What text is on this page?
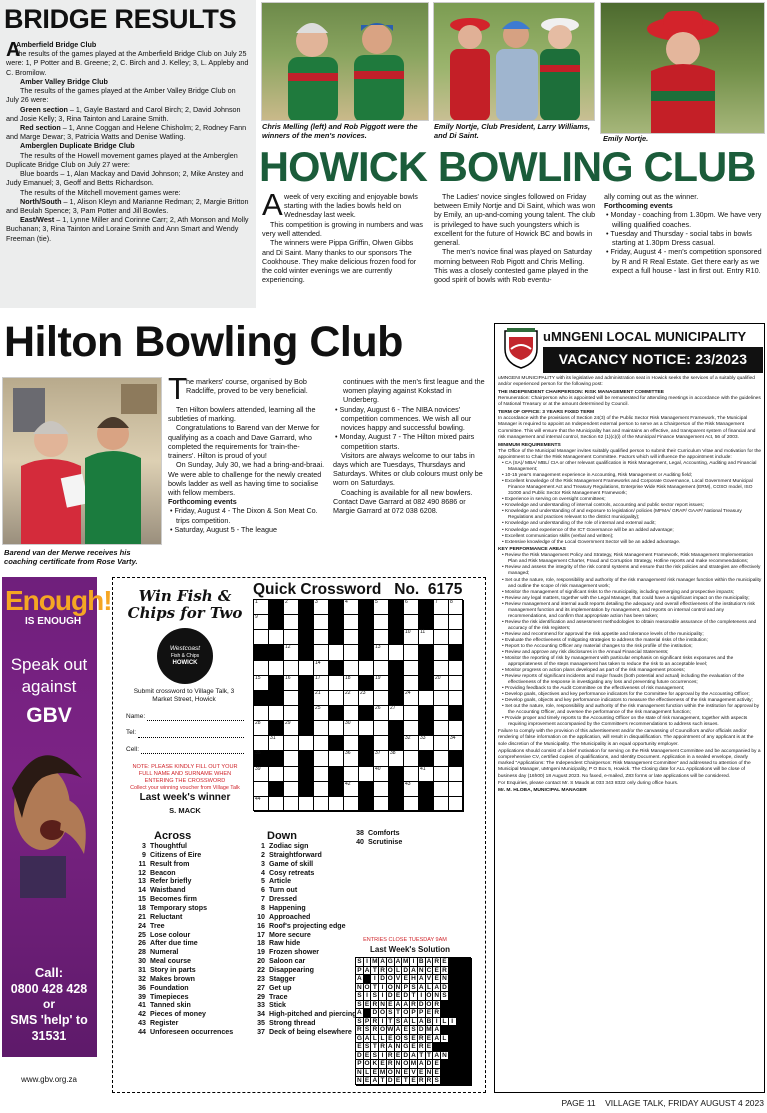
BRIDGE RESULTS

A
Amberfield Bridge Club

The results of the games played at the Amberfield Bridge Club on July 25 were: 1, P Potter and B. Greene; 2, C. Birch and J. Kelley; 3, L. Appleby and C. Bromilow.

Amber Valley Bridge Club

The results of the games played at the Amber Valley Bridge Club on July 26 were:

Green section – 1, Gayle Bastard and Carol Birch; 2, David Johnson and Josie Kelly; 3, Rina Tainton and Laraine Smith.

Red section – 1, Anne Coggan and Helene Chisholm; 2, Rodney Fann and Marge Dewar; 3, Patricia Watts and Denise Watling.

Amberglen Duplicate Bridge Club

The results of the Howell movement games played at the Amberglen Duplicate Bridge Club on July 27 were:

Blue boards – 1, Alan Mackay and David Johnson; 2, Mike Anstey and Judy Emanuel; 3, Geoff and Betts Richardson.

The results of the Mitchell movement games were:

North/South – 1, Alison Kleyn and Marianne Redman; 2, Margie Britton and Beulah Spence; 3, Pam Potter and Jill Bowles.

East/West – 1, Lynne Miller and Corinne Carr; 2, Ath Monson and Molly Buchanan; 3, Rina Tainton and Loraine Smith and Ann Smart and Wendy Freeman (tie).

Chris Melling (left) and Rob Piggott were the winners of the men's novices.
Emily Nortje, Club President, Larry Williams, and Di Saint.	Emily Nortje.
HOWICK BOWLING CLUB
A week of very exciting and enjoyable bowls starting with the ladies bowls held on Wednesday last week.

This competition is growing in numbers and was very well attended.

The winners were Pippa Griffin, Olwen Gibbs and Di Saint. Many thanks to our sponsors The Cookhouse. They make delicious frozen food for the cold winter evenings we are currently experiencing.

The Ladies' novice singles followed on Friday between Emily Nortje and Di Saint, which was won by Emily, an up-and-coming young talent. The club is privileged to have such youngsters which is excellent for the future of Howick BC and bowls in general.

The men's novice final was played on Saturday morning between Rob Pigott and Chris Melling. This was a closely contested game played in the good spirit of bowls with Rob eventu-

ally coming out as the winner.

Forthcoming events

• Monday - coaching from 1.30pm. We have very willing qualified coaches.

• Tuesday and Thursday - social tabs in bowls starting at 1.30pm Dress casual.

• Friday, August 4 - men's competition sponsored by R and R Real Estate. Get there early as we expect a full house - last in first out. Entry R10.

Hilton Bowling Club
Barend van der Merwe receives his coaching certificate from Rose Varty.
T he markers' course, organised by Bob Radcliffe, proved to be very beneficial.

Ten Hilton bowlers attended, learning all the subtleties of marking.

Congratulations to Barend van der Merwe for qualifying as a coach and Dave Garrard, who completed the requirements for 'train-the-trainers'. Hilton is proud of you!

On Sunday, July 30, we had a bring-and-braai. We were able to challenge for the newly created bowls ladder as well as having time to socialise with fellow members.

Forthcoming events

• Friday, August 4 - The Dixon & Son Meat Co. trips competition.

• Saturday, August 5 - The league

continues with the men's first league and the women playing against Kokstad in Underberg.

• Sunday, August 6 - The NIBA novices' competition commences. We wish all our novices happy and successful bowling.

• Monday, August 7 - The Hilton mixed pairs competition starts.

Visitors are always welcome to our tabs in days which are Tuesdays, Thursdays and Saturdays. Whites or club colours must only be worn on Saturdays.

Coaching is available for all new bowlers. Contact Dave Garrard at 082 490 8686 or Margie Garrard at 072 038 6208.

uMNGENI LOCAL MUNICIPALITY
VACANCY NOTICE: 23/2023

uMNGENI MUNICIPALITY with its legislative and administration seat in Howick seeks the services of a suitably qualified and/or experienced person for the following post:

THE INDEPENDENT CHAIRPERSON: RISK MANAGEMENT COMMITTEE

Remuneration: Chairperson who is appointed will be remunerated for attending meetings in accordance with the guidelines of National Treasury or at the amount determined by Council.

TERM OF OFFICE: 3 YEARS FIXED TERM

In accordance with the provisions of Section 24(3) of the Public Sector Risk Management Framework, The Municipal Manager is required to appoint an Independent external person to serve as a Chairperson of the Risk Management Committee. This will ensure that the Municipality has and maintains an effective, and transparent system of financial and risk management and internal control, Section 62 (1)(c)(i) of the Municipal Finance Management Act, 56 of 2003.

MINIMUM REQUIREMENTS

The Office of the Municipal Manager invites suitably qualified person to submit their Curriculum Vitae and motivation for the appointment to Chair the Risk Management Committee. Factors which will influence the appointment include:

• CA (SA)/ MBA/ MBL/ CIA or other relevant qualification in Risk Management, Legal, Accounting, Auditing and Financial Management;

• 10-15 year's management experience in Accounting, Risk Management or Auditing field;

• Excellent knowledge of the Risk Management Frameworks and Corporate Governance, Local Government Municipal Finance Management Act and Treasury Regulations, Enterprise Wide Risk Management (ERM), COSO model, ISO 31000 and Public Sector Risk Management Framework;

• Experience in serving on oversight committees;

• Knowledge and understanding of internal controls, accounting and public sector report issues;

• Knowledge and understanding of and exposure to legislation/ policies (MFMA/ GRAP/ GAAP/ National Treasury Regulations and practices relevant to the district municipality);

• Knowledge and understanding of the role of internal and external audit;

• Knowledge and experience of the ICT Governance will be an added advantage;

• Excellent communication skills (verbal and written);

• Extensive knowledge of the Local Government Sector will be an added advantage.

KEY PERFORMANCE AREAS

• Review the Risk Management Policy and Strategy, Risk Management Framework, Risk Management Implementation Plan and Risk Management Charter, Fraud and Corruption Strategy, Hotline reports and make recommendations;

• Review and assess the integrity of the risk control systems and ensure that the risk policies and strategies are effectively managed;

• Set out the nature, role, responsibility and authority of the risk management/ risk manager function within the municipality and outline the scope of risk management work;

• Monitor the management of significant risks to the municipality, including emerging and prospective impacts;

• Review any legal matters, together with the Legal Manager, that could have a significant impact on the municipality;

• Review management and internal audit reports detailing the adequacy and overall effectiveness of the institution's risk management function and its implementation by management, and reports on internal control and any recommendations, and confirm that appropriate action has been taken;

• Review the risk identification and assessment methodologies to obtain reasonable assurance of the completeness and accuracy of the risk registers;

• Review and recommend for approval the risk appetite and tolerance levels of the municipality;

• Evaluate the effectiveness of mitigating strategies to address the material risks of the institution;

• Report to the Accounting Officer any material changes to the risk profile of the institution;

• Review and approve any risk disclosures in the Annual Financial Statements;

• Monitor the reporting of risk by management with particular emphasis on significant risks exposures and the appropriateness of the steps management has taken to reduce the risk to an acceptable level;

• Monitor progress on action plans developed as part of the risk management process;

• Review reports of significant incidents and major frauds (both potential and actual) including the evaluation of the effectiveness of the response in investigating any loss and preventing future occurrences;

• Providing feedback to the Audit Committee on the effectiveness of risk management;

• Develop goals, objectives and key performance indicators for the Committee for approval by the Accounting Officer;

• Develop goals, objects and key performance indicators to measure the effectiveness of the risk management activity;

• Set out the nature, role, responsibility and authority of the risk management function within the institution for approval by the Accounting Officer, and oversee the performance of the risk management function;

• Provide proper and timely reports to the Accounting Officer on the state of risk management, together with aspects requiring improvement accompanied by the Committee's recommendations to address such issues.

Failure to comply with the provision of this advertisement and/or the canvassing of Councillors and/or officials and/or rendering of false information on the application, will result in disqualification. The appointment of any applicant is at the sole discretion of the Municipality. The Municipality is an equal opportunity employer.

Applications should consist of a brief motivation for serving on the Risk Management Committee and be accompanied by a comprehensive CV, certified copies of qualifications, and Identity Document. Application in a sealed envelope, clearly marked "Applications: The Independent Chairperson: Risk Management Committee" and addressed to attention of the Municipal Manager, uMngeni Municipality, P O Box 5, Howick. The Closing date for ALL Applications will be close of business day (16h00) 18 August 2023. No faxed, e-mailed, Z83 forms or late applications will be considered.

For Enquiries, please contact Mr. S Mauds at 033 343 8322 only during office hours.

Mr. M. HLOBA, MUNICIPAL MANAGER

Enough!
IS ENOUGH
Speak out against
GBV
Call:
0800 428 428
or
SMS 'help' to 31531
www.gbv.org.za
Win Fish & Chips for Two
Westcoast
Fish & Chips
HOWICK
Submit crossword to Village Talk, 3 Market Street, Howick
Name:
Tel:
Cell:
NOTE: PLEASE KINDLY FILL OUT YOUR FULL NAME AND SURNAME WHEN ENTERING THE CROSSWORD
Collect your winning voucher from Village Talk
Last week's winner
S. MACK
Quick Crossword   No.  6175
1	2	3	4	5	6	7 8
9
10 11
12	13
14
15	16	17	18	19	20
21	22 23	24
25	26 27
28	29	30
31	32 33	34
35	36	37 38
39	40	41
42	43
44
Across
3 Thoughtful
9 Citizens of Eire
11 Result from
12 Beacon
13 Refer briefly
14 Waistband
15 Becomes firm
18 Temporary stops
21 Reluctant
24 Tree
25 Lose colour
26 After due time
28 Numeral
30 Meal course
31 Story in parts
32 Makes brown
36 Foundation
39 Timepieces
41 Tanned skin
42 Pieces of money
43 Register
44 Unforeseen occurrences
Down
1 Zodiac sign
2 Straightforward
3 Game of skill
4 Cosy retreats
5 Article
6 Turn out
7 Dressed
8 Happening
10 Approached
16 Roof's projecting edge
17 More secure
18 Raw hide
19 Frozen shower
20 Saloon car
22 Disappearing
23 Stagger
27 Get up
29 Trace
33 Stick
34 High-pitched and piercing
35 Strong thread
37 Deck of being elsewhere
38 Comforts
40 Scrutinise
ENTRIES CLOSE TUESDAY 9AM
Last Week's Solution
S I M A G A M I B A R E
P A T R O L D A N C E R
A	I D O V E H A V E N
N O T I O N P S A L A D
S I S I D E D T I O N S
S E R N E A A R D O R
A	D O S T O P P E R
S P R I T S A L A B I L I
R S R O W A E S D M A
G A L L E O S E R E A L
E S T R A N G E R E
D E S I R E D A T T A N
P O K E R N O M A D E
N L E M O N E V E N E
N E A T D E T E R R S
PAGE 11    VILLAGE TALK, FRIDAY AUGUST 4 2023
